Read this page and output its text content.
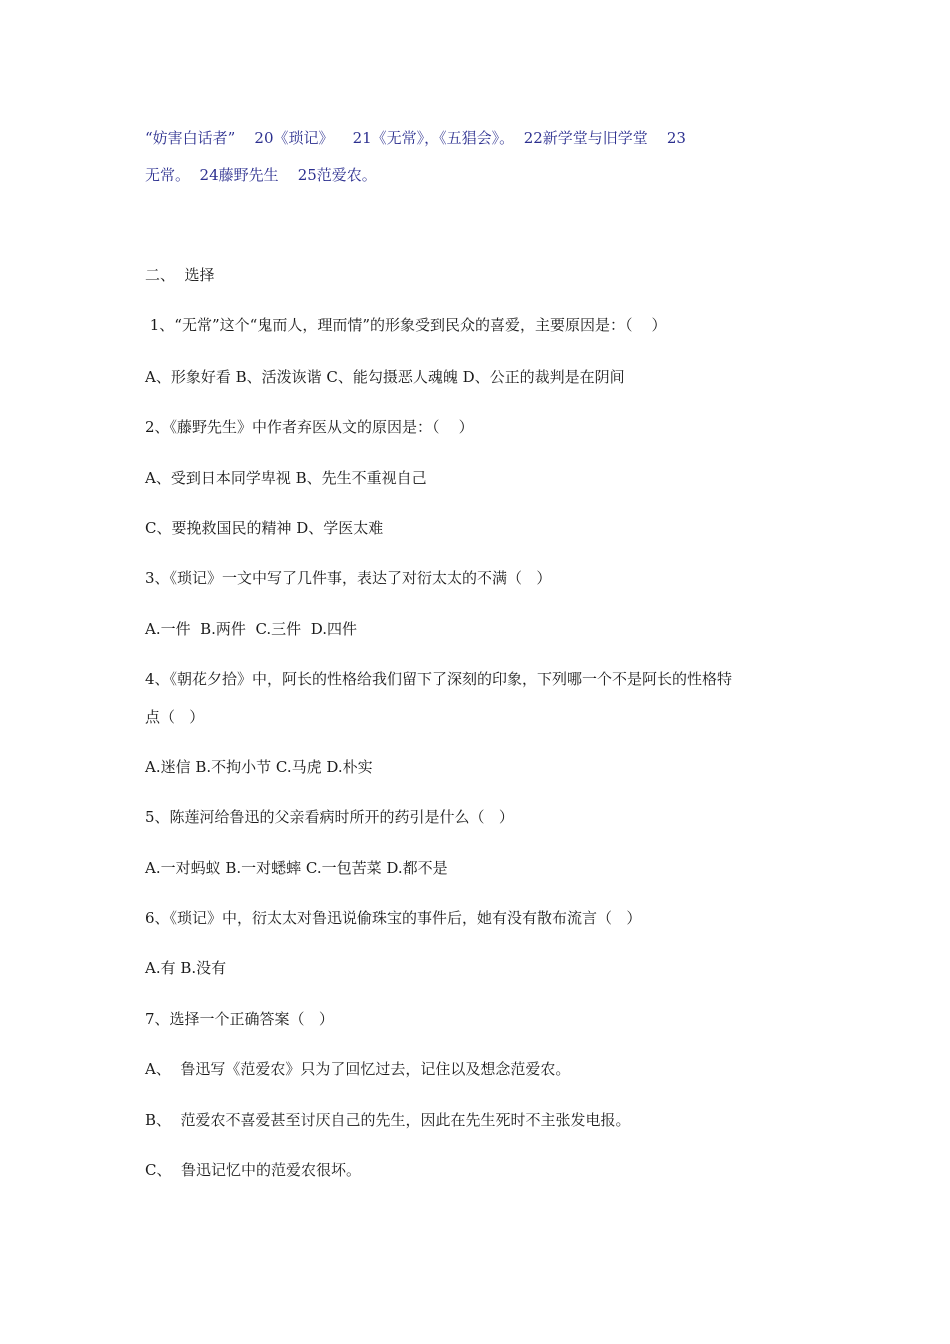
“妨害白话者”    20《琐记》    21《无常》，《五猖会》。  22新学堂与旧学堂    23
无常。  24藤野先生    25范爱农。
二、  选择
1、“无常”这个“鬼而人，理而情”的形象受到民众的喜爱，主要原因是：（    ）
A、形象好看 B、活泼诙谐 C、能勾摄恶人魂魄 D、公正的裁判是在阴间
2、《藤野先生》中作者弃医从文的原因是：（    ）
A、受到日本同学卑视 B、先生不重视自己
C、要挽救国民的精神 D、学医太难
3、《琐记》一文中写了几件事，表达了对衍太太的不满（   ）
A.一件  B.两件  C.三件  D.四件
4、《朝花夕拾》中，阿长的性格给我们留下了深刻的印象，下列哪一个不是阿长的性格特
点（   ）
A.迷信 B.不拘小节 C.马虎 D.朴实
5、陈莲河给鲁迅的父亲看病时所开的药引是什么（   ）
A.一对蚂蚁 B.一对蟋蟀 C.一包苦菜 D.都不是
6、《琐记》中，衍太太对鲁迅说偷珠宝的事件后，她有没有散布流言（   ）
A.有 B.没有
7、选择一个正确答案（   ）
A、  鲁迅写《范爱农》只为了回忆过去，记住以及想念范爱农。
B、  范爱农不喜爱甚至讨厌自己的先生，因此在先生死时不主张发电报。
C、  鲁迅记忆中的范爱农很坏。
